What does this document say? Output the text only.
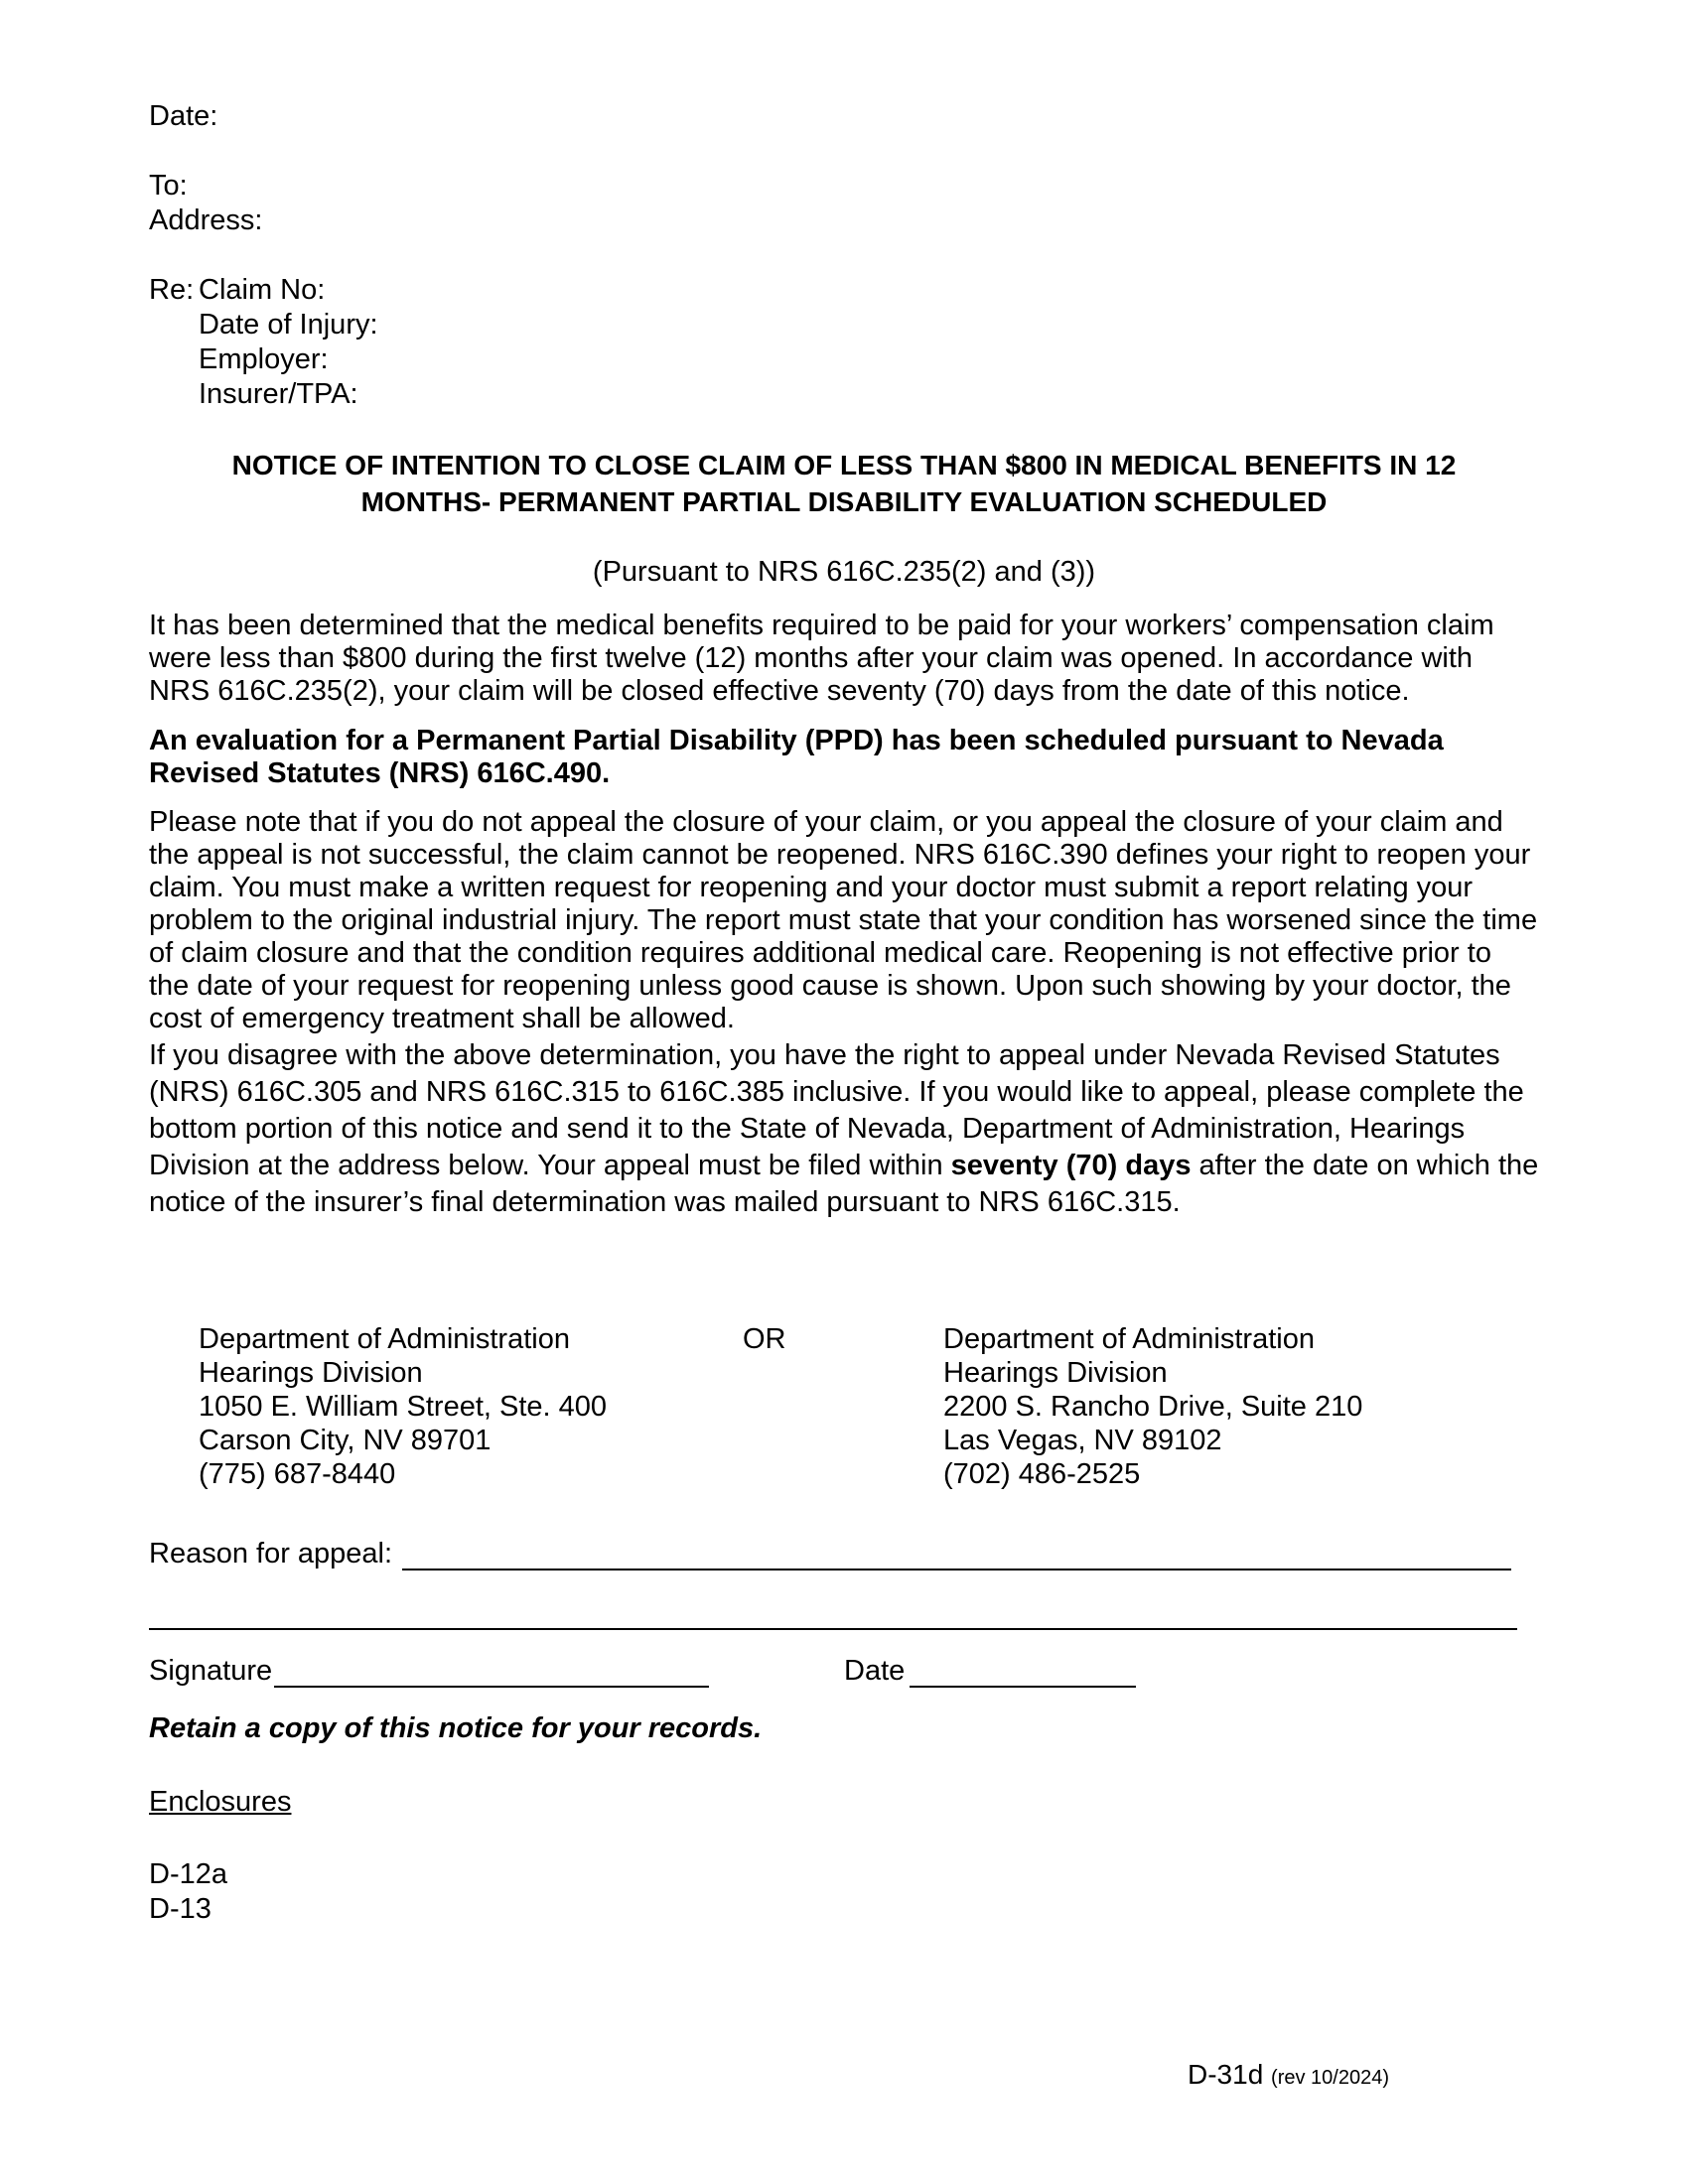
Date:
To:
Address:
Re: Claim No:
Date of Injury:
Employer:
Insurer/TPA:
NOTICE OF INTENTION TO CLOSE CLAIM OF LESS THAN $800 IN MEDICAL BENEFITS IN 12
MONTHS- PERMANENT PARTIAL DISABILITY EVALUATION SCHEDULED
(Pursuant to NRS 616C.235(2) and (3))
It has been determined that the medical benefits required to be paid for your workers’ compensation claim were less than $800 during the first twelve (12) months after your claim was opened. In accordance with NRS 616C.235(2), your claim will be closed effective seventy (70) days from the date of this notice.
An evaluation for a Permanent Partial Disability (PPD) has been scheduled pursuant to Nevada Revised Statutes (NRS) 616C.490.
Please note that if you do not appeal the closure of your claim, or you appeal the closure of your claim and the appeal is not successful, the claim cannot be reopened. NRS 616C.390 defines your right to reopen your claim. You must make a written request for reopening and your doctor must submit a report relating your problem to the original industrial injury. The report must state that your condition has worsened since the time of claim closure and that the condition requires additional medical care. Reopening is not effective prior to the date of your request for reopening unless good cause is shown. Upon such showing by your doctor, the cost of emergency treatment shall be allowed.
If you disagree with the above determination, you have the right to appeal under Nevada Revised Statutes (NRS) 616C.305 and NRS 616C.315 to 616C.385 inclusive. If you would like to appeal, please complete the bottom portion of this notice and send it to the State of Nevada, Department of Administration, Hearings Division at the address below. Your appeal must be filed within seventy (70) days after the date on which the notice of the insurer’s final determination was mailed pursuant to NRS 616C.315.
Department of Administration
Hearings Division
1050 E. William Street, Ste. 400
Carson City, NV 89701
(775) 687-8440
OR	Department of Administration
Hearings Division
2200 S. Rancho Drive, Suite 210
Las Vegas, NV 89102
(702) 486-2525
Reason for appeal:
Signature	Date
Retain a copy of this notice for your records.
Enclosures
D-12a
D-13
D-31d (rev 10/2024)
